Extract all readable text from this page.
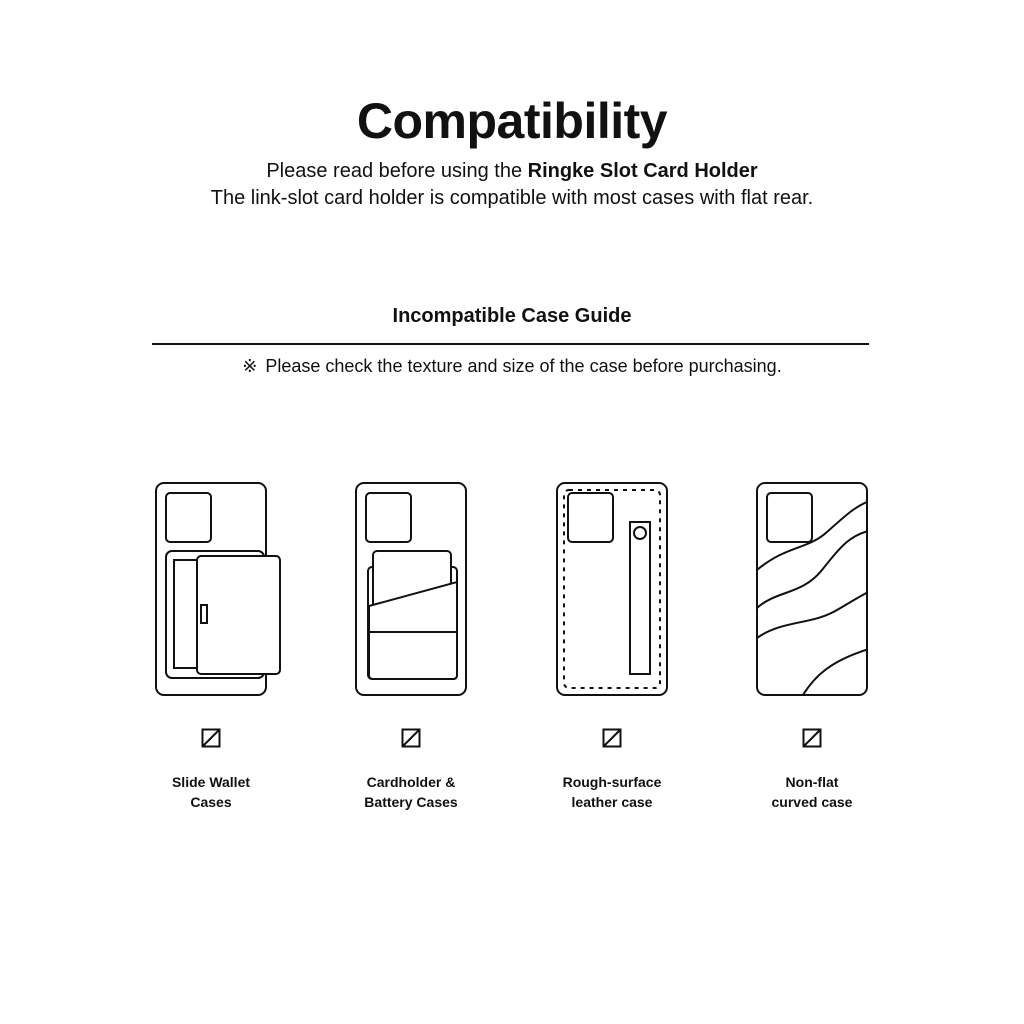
Compatibility
Please read before using the Ringke Slot Card Holder
The link-slot card holder is compatible with most cases with flat rear.
Incompatible Case Guide
※ Please check the texture and size of the case before purchasing.
Slide Wallet
Cases
Cardholder &
Battery Cases
Rough-surface
leather case
Non-flat
curved case
